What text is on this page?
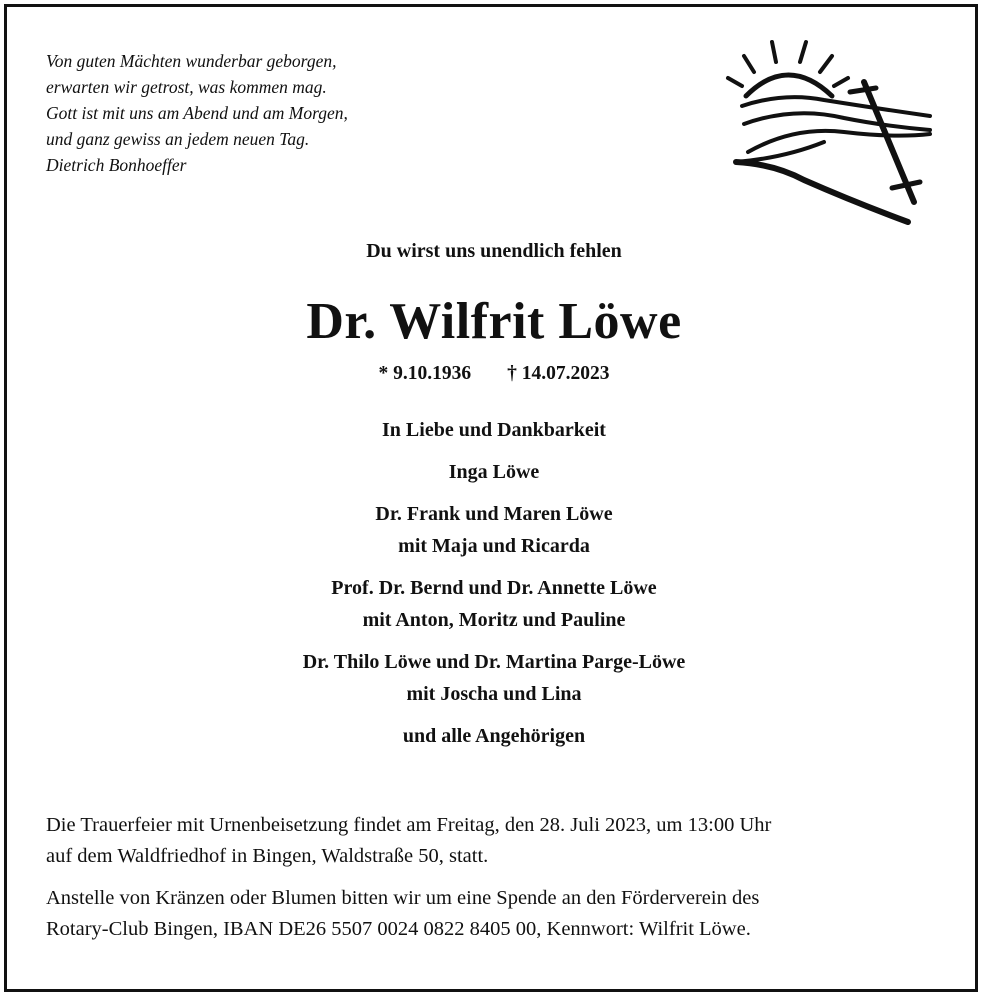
Von guten Mächten wunderbar geborgen,
erwarten wir getrost, was kommen mag.
Gott ist mit uns am Abend und am Morgen,
und ganz gewiss an jedem neuen Tag.
Dietrich Bonhoeffer
Du wirst uns unendlich fehlen
Dr. Wilfrit Löwe
* 9.10.1936 † 14.07.2023
In Liebe und Dankbarkeit
Inga Löwe
Dr. Frank und Maren Löwe
mit Maja und Ricarda
Prof. Dr. Bernd und Dr. Annette Löwe
mit Anton, Moritz und Pauline
Dr. Thilo Löwe und Dr. Martina Parge-Löwe
mit Joscha und Lina
und alle Angehörigen
Die Trauerfeier mit Urnenbeisetzung findet am Freitag, den 28. Juli 2023, um 13:00 Uhr
auf dem Waldfriedhof in Bingen, Waldstraße 50, statt.
Anstelle von Kränzen oder Blumen bitten wir um eine Spende an den Förderverein des
Rotary-Club Bingen, IBAN DE26 5507 0024 0822 8405 00, Kennwort: Wilfrit Löwe.
